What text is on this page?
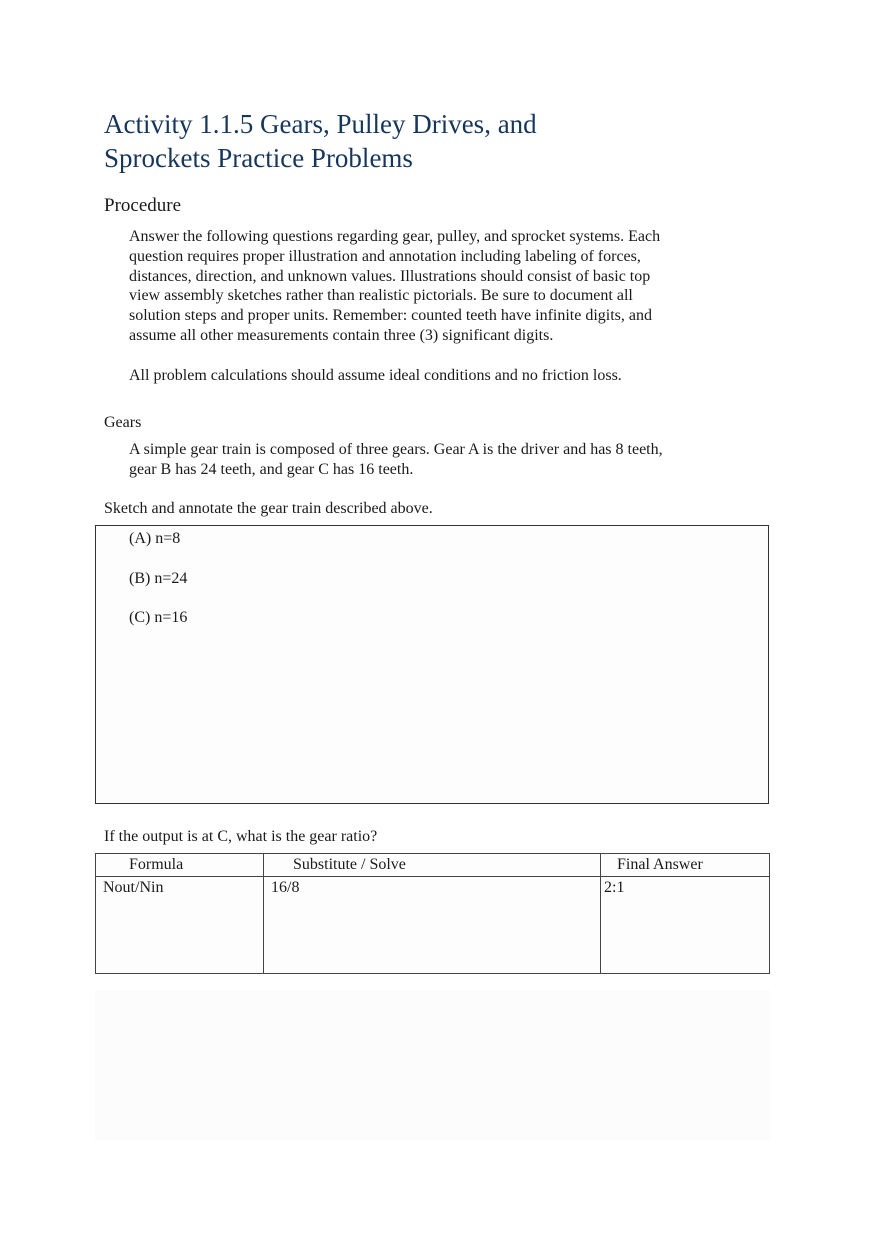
Activity 1.1.5 Gears, Pulley Drives, and
Sprockets Practice Problems
Procedure

Answer the following questions regarding gear, pulley, and sprocket systems. Each
question requires proper illustration and annotation including labeling of forces,
distances, direction, and unknown values. Illustrations should consist of basic top
view assembly sketches rather than realistic pictorials. Be sure to document all
solution steps and proper units. Remember: counted teeth have infinite digits, and
assume all other measurements contain three (3) significant digits.

All problem calculations should assume ideal conditions and no friction loss.

Gears

A simple gear train is composed of three gears. Gear A is the driver and has 8 teeth,
gear B has 24 teeth, and gear C has 16 teeth.

Sketch and annotate the gear train described above.

(A) n=8
(B) n=24
(C) n=16

If the output is at C, what is the gear ratio?

Formula	Substitute / Solve	Final Answer
Nout/Nin	16/8	2:1
